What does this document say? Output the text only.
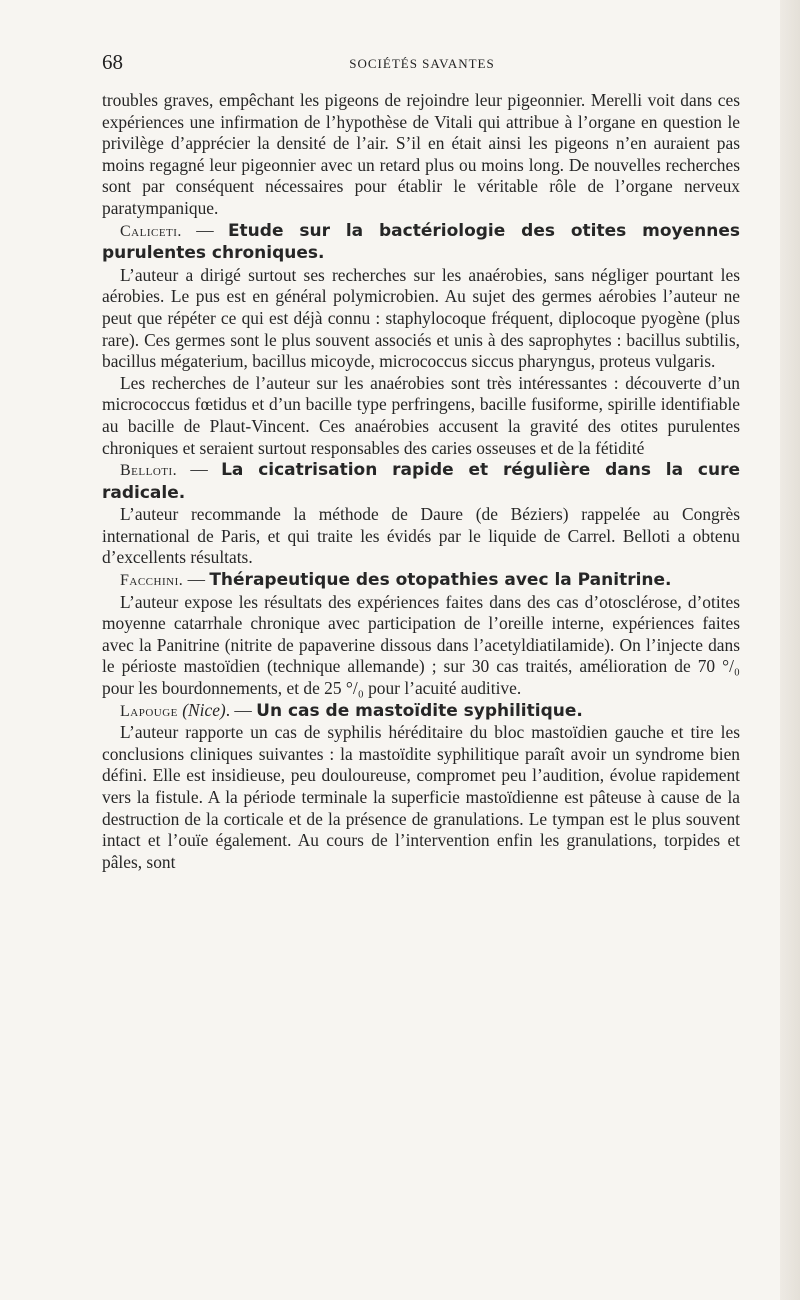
68	SOCIÉTÉS SAVANTES

troubles graves, empêchant les pigeons de rejoindre leur pigeonnier. Merelli voit dans ces expériences une infirmation de l’hypothèse de Vitali qui attribue à l’organe en question le privilège d’apprécier la densité de l’air. S’il en était ainsi les pigeons n’en auraient pas moins regagné leur pigeonnier avec un retard plus ou moins long. De nouvelles recherches sont par conséquent nécessaires pour établir le véritable rôle de l’organe nerveux paratympanique.

Caliceti. — Etude sur la bactériologie des otites moyennes purulentes chroniques.

L’auteur a dirigé surtout ses recherches sur les anaérobies, sans négliger pourtant les aérobies. Le pus est en général polymicrobien. Au sujet des germes aérobies l’auteur ne peut que répéter ce qui est déjà connu : staphylocoque fréquent, diplocoque pyogène (plus rare). Ces germes sont le plus souvent associés et unis à des saprophytes : bacillus subtilis, bacillus mégaterium, bacillus micoyde, micrococcus siccus pharyngus, proteus vulgaris.

Les recherches de l’auteur sur les anaérobies sont très intéressantes : découverte d’un micrococcus fœtidus et d’un bacille type perfringens, bacille fusiforme, spirille identifiable au bacille de Plaut-Vincent. Ces anaérobies accusent la gravité des otites purulentes chroniques et seraient surtout responsables des caries osseuses et de la fétidité

Belloti. — La cicatrisation rapide et régulière dans la cure radicale.

L’auteur recommande la méthode de Daure (de Béziers) rappelée au Congrès international de Paris, et qui traite les évidés par le liquide de Carrel. Belloti a obtenu d’excellents résultats.

Facchini. — Thérapeutique des otopathies avec la Panitrine.

L’auteur expose les résultats des expériences faites dans des cas d’otosclérose, d’otites moyenne catarrhale chronique avec participation de l’oreille interne, expériences faites avec la Panitrine (nitrite de papaverine dissous dans l’acetyldiatilamide). On l’injecte dans le périoste mastoïdien (technique allemande) ; sur 30 cas traités, amélioration de 70 °/₀ pour les bourdonnements, et de 25 °/₀ pour l’acuité auditive.

Lapouge (Nice). — Un cas de mastoïdite syphilitique.

L’auteur rapporte un cas de syphilis héréditaire du bloc mastoïdien gauche et tire les conclusions cliniques suivantes : la mastoïdite syphilitique paraît avoir un syndrome bien défini. Elle est insidieuse, peu douloureuse, compromet peu l’audition, évolue rapidement vers la fistule. A la période terminale la superficie mastoïdienne est pâteuse à cause de la destruction de la corticale et de la présence de granulations. Le tympan est le plus souvent intact et l’ouïe également. Au cours de l’intervention enfin les granulations, torpides et pâles, sont
